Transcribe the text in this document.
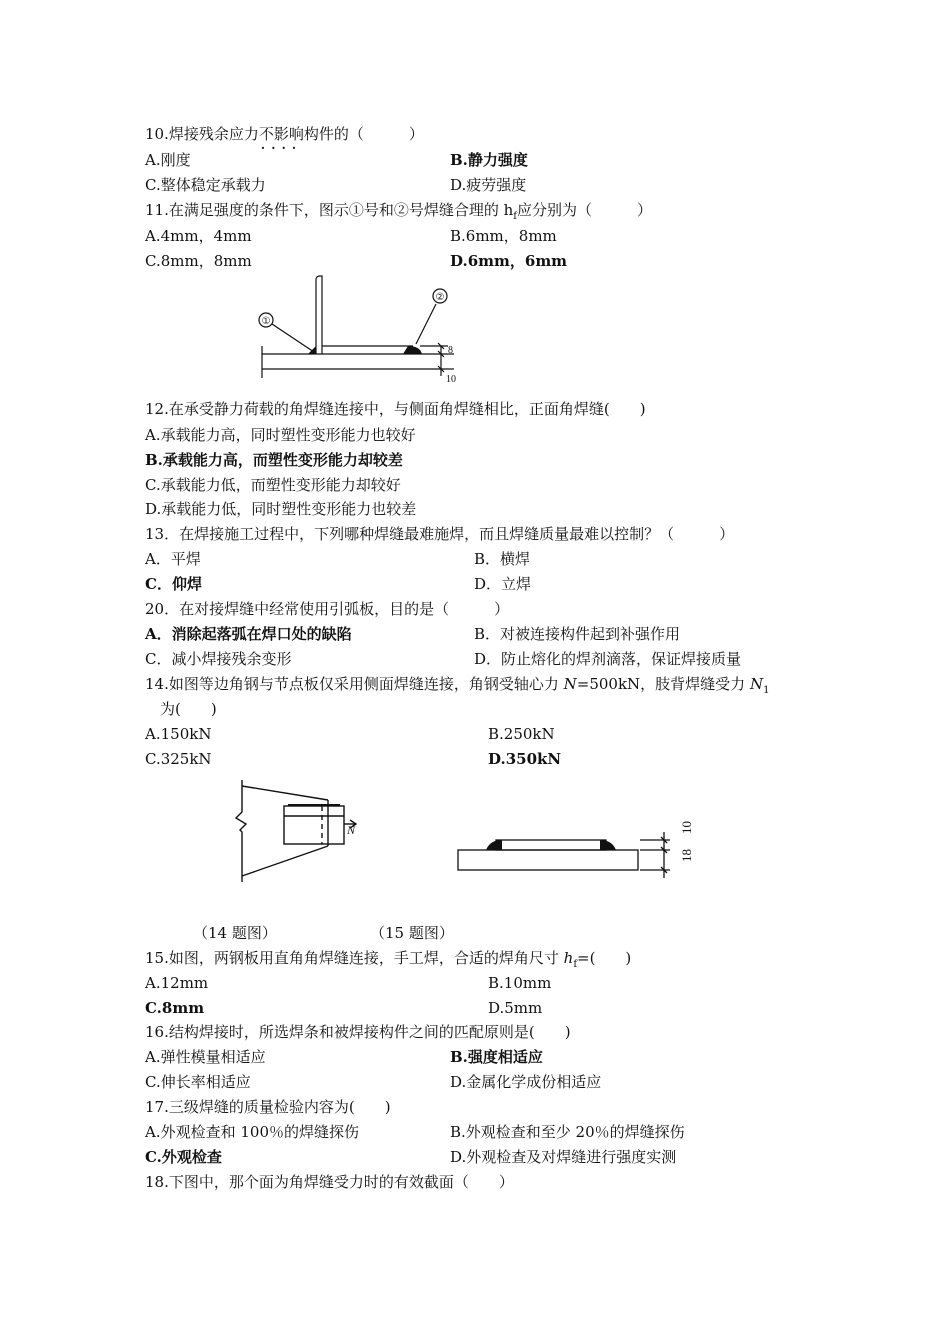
10.焊接残余应力不影响 · · 构件的（　　　）
A.刚度	B.静力强度
C.整体稳定承载力	D.疲劳强度
11.在满足强度的条件下，图示①号和②号焊缝合理的 $h_f$应分别为（　　　）
A.4mm，4mm	B.6mm，8mm
C.8mm，8mm	D.6mm，6mm
①
②
8
10
12.在承受静力荷载的角焊缝连接中，与侧面角焊缝相比，正面角焊缝(　　)
A.承载能力高，同时塑性变形能力也较好
B.承载能力高，而塑性变形能力却较差
C.承载能力低，而塑性变形能力却较好
D.承载能力低，同时塑性变形能力也较差
13．在焊接施工过程中，下列哪种焊缝最难施焊，而且焊缝质量最难以控制？（　　　）
A．平焊	B．横焊
C．仰焊	D．立焊
20．在对接焊缝中经常使用引弧板，目的是（　　　）
A．消除起落弧在焊口处的缺陷	B．对被连接构件起到补强作用
C．减小焊接残余变形	D．防止熔化的焊剂滴落，保证焊接质量
14.如图等边角钢与节点板仅采用侧面焊缝连接，角钢受轴心力 N=500kN，肢背焊缝受力 $N_1$
为(　　)
A.150kN	B.250kN
C.325kN	D.350kN
N	10
18
（14 题图）	（15 题图）
15.如图，两钢板用直角角焊缝连接，手工焊，合适的焊角尺寸 $h_f=$(　　)
A.12mm	B.10mm
C.8mm	D.5mm
16.结构焊接时，所选焊条和被焊接构件之间的匹配原则是(　　)
A.弹性模量相适应	B.强度相适应
C.伸长率相适应	D.金属化学成份相适应
17.三级焊缝的质量检验内容为(　　)
A.外观检查和 100％的焊缝探伤	B.外观检查和至少 20％的焊缝探伤
C.外观检查	D.外观检查及对焊缝进行强度实测
18.下图中，那个面为角焊缝受力时的有效截面（　　）
